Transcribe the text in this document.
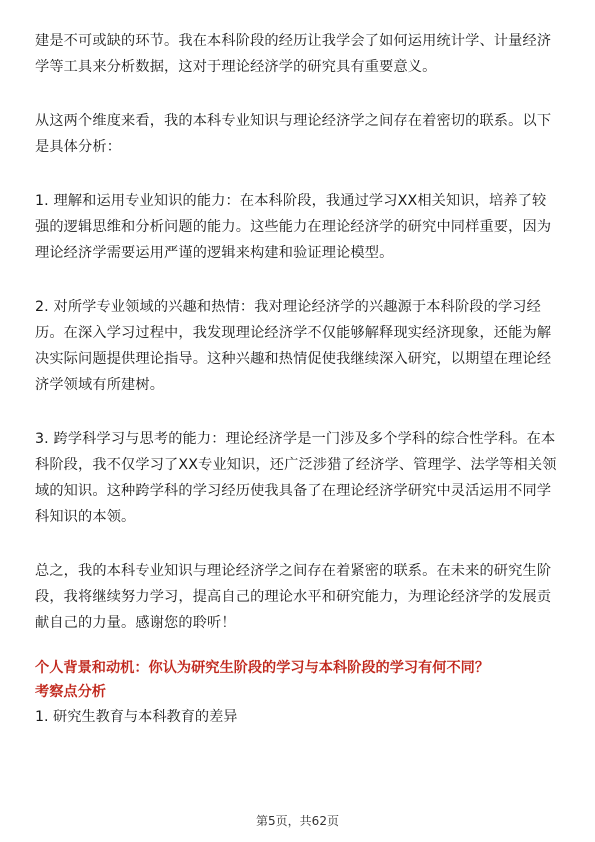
建是不可或缺的环节。我在本科阶段的经历让我学会了如何运用统计学、计量经济学等工具来分析数据，这对于理论经济学的研究具有重要意义。

从这两个维度来看，我的本科专业知识与理论经济学之间存在着密切的联系。以下是具体分析：

1. 理解和运用专业知识的能力：在本科阶段，我通过学习XX相关知识，培养了较强的逻辑思维和分析问题的能力。这些能力在理论经济学的研究中同样重要，因为理论经济学需要运用严谨的逻辑来构建和验证理论模型。

2. 对所学专业领域的兴趣和热情：我对理论经济学的兴趣源于本科阶段的学习经历。在深入学习过程中，我发现理论经济学不仅能够解释现实经济现象，还能为解决实际问题提供理论指导。这种兴趣和热情促使我继续深入研究，以期望在理论经济学领域有所建树。

3. 跨学科学习与思考的能力：理论经济学是一门涉及多个学科的综合性学科。在本科阶段，我不仅学习了XX专业知识，还广泛涉猎了经济学、管理学、法学等相关领域的知识。这种跨学科的学习经历使我具备了在理论经济学研究中灵活运用不同学科知识的本领。

总之，我的本科专业知识与理论经济学之间存在着紧密的联系。在未来的研究生阶段，我将继续努力学习，提高自己的理论水平和研究能力，为理论经济学的发展贡献自己的力量。感谢您的聆听！

个人背景和动机：你认为研究生阶段的学习与本科阶段的学习有何不同？

考察点分析

1. 研究生教育与本科教育的差异

第5页，共62页
